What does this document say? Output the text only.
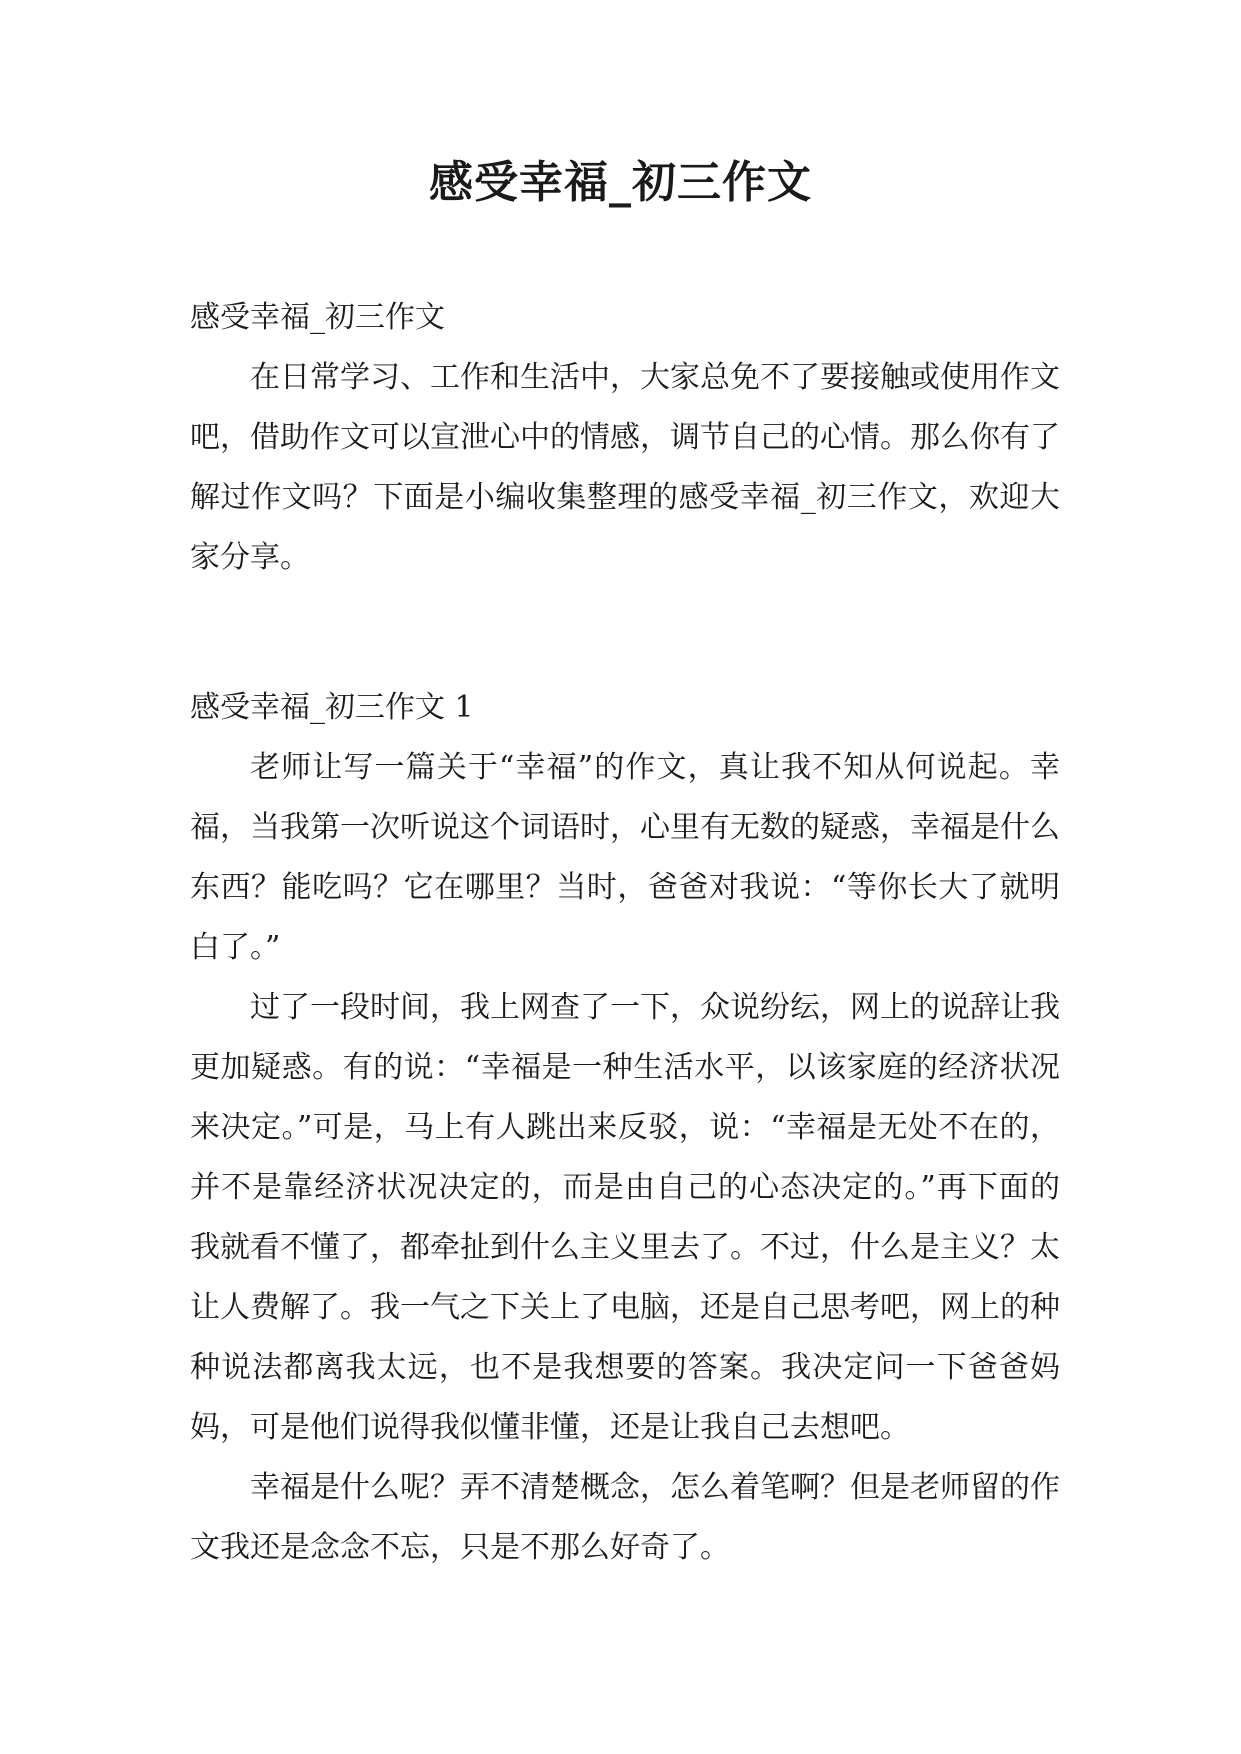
感受幸福_初三作文

感受幸福_初三作文

在日常学习、工作和生活中，大家总免不了要接触或使用作文吧，借助作文可以宣泄心中的情感，调节自己的心情。那么你有了解过作文吗？下面是小编收集整理的感受幸福_初三作文，欢迎大家分享。

感受幸福_初三作文 1

老师让写一篇关于“幸福”的作文，真让我不知从何说起。幸福，当我第一次听说这个词语时，心里有无数的疑惑，幸福是什么东西？能吃吗？它在哪里？当时，爸爸对我说：“等你长大了就明白了。”

过了一段时间，我上网查了一下，众说纷纭，网上的说辞让我更加疑惑。有的说：“幸福是一种生活水平，以该家庭的经济状况来决定。”可是，马上有人跳出来反驳，说：“幸福是无处不在的，并不是靠经济状况决定的，而是由自己的心态决定的。”再下面的我就看不懂了，都牵扯到什么主义里去了。不过，什么是主义？太让人费解了。我一气之下关上了电脑，还是自己思考吧，网上的种种说法都离我太远，也不是我想要的答案。我决定问一下爸爸妈妈，可是他们说得我似懂非懂，还是让我自己去想吧。

幸福是什么呢？弄不清楚概念，怎么着笔啊？但是老师留的作文我还是念念不忘，只是不那么好奇了。
